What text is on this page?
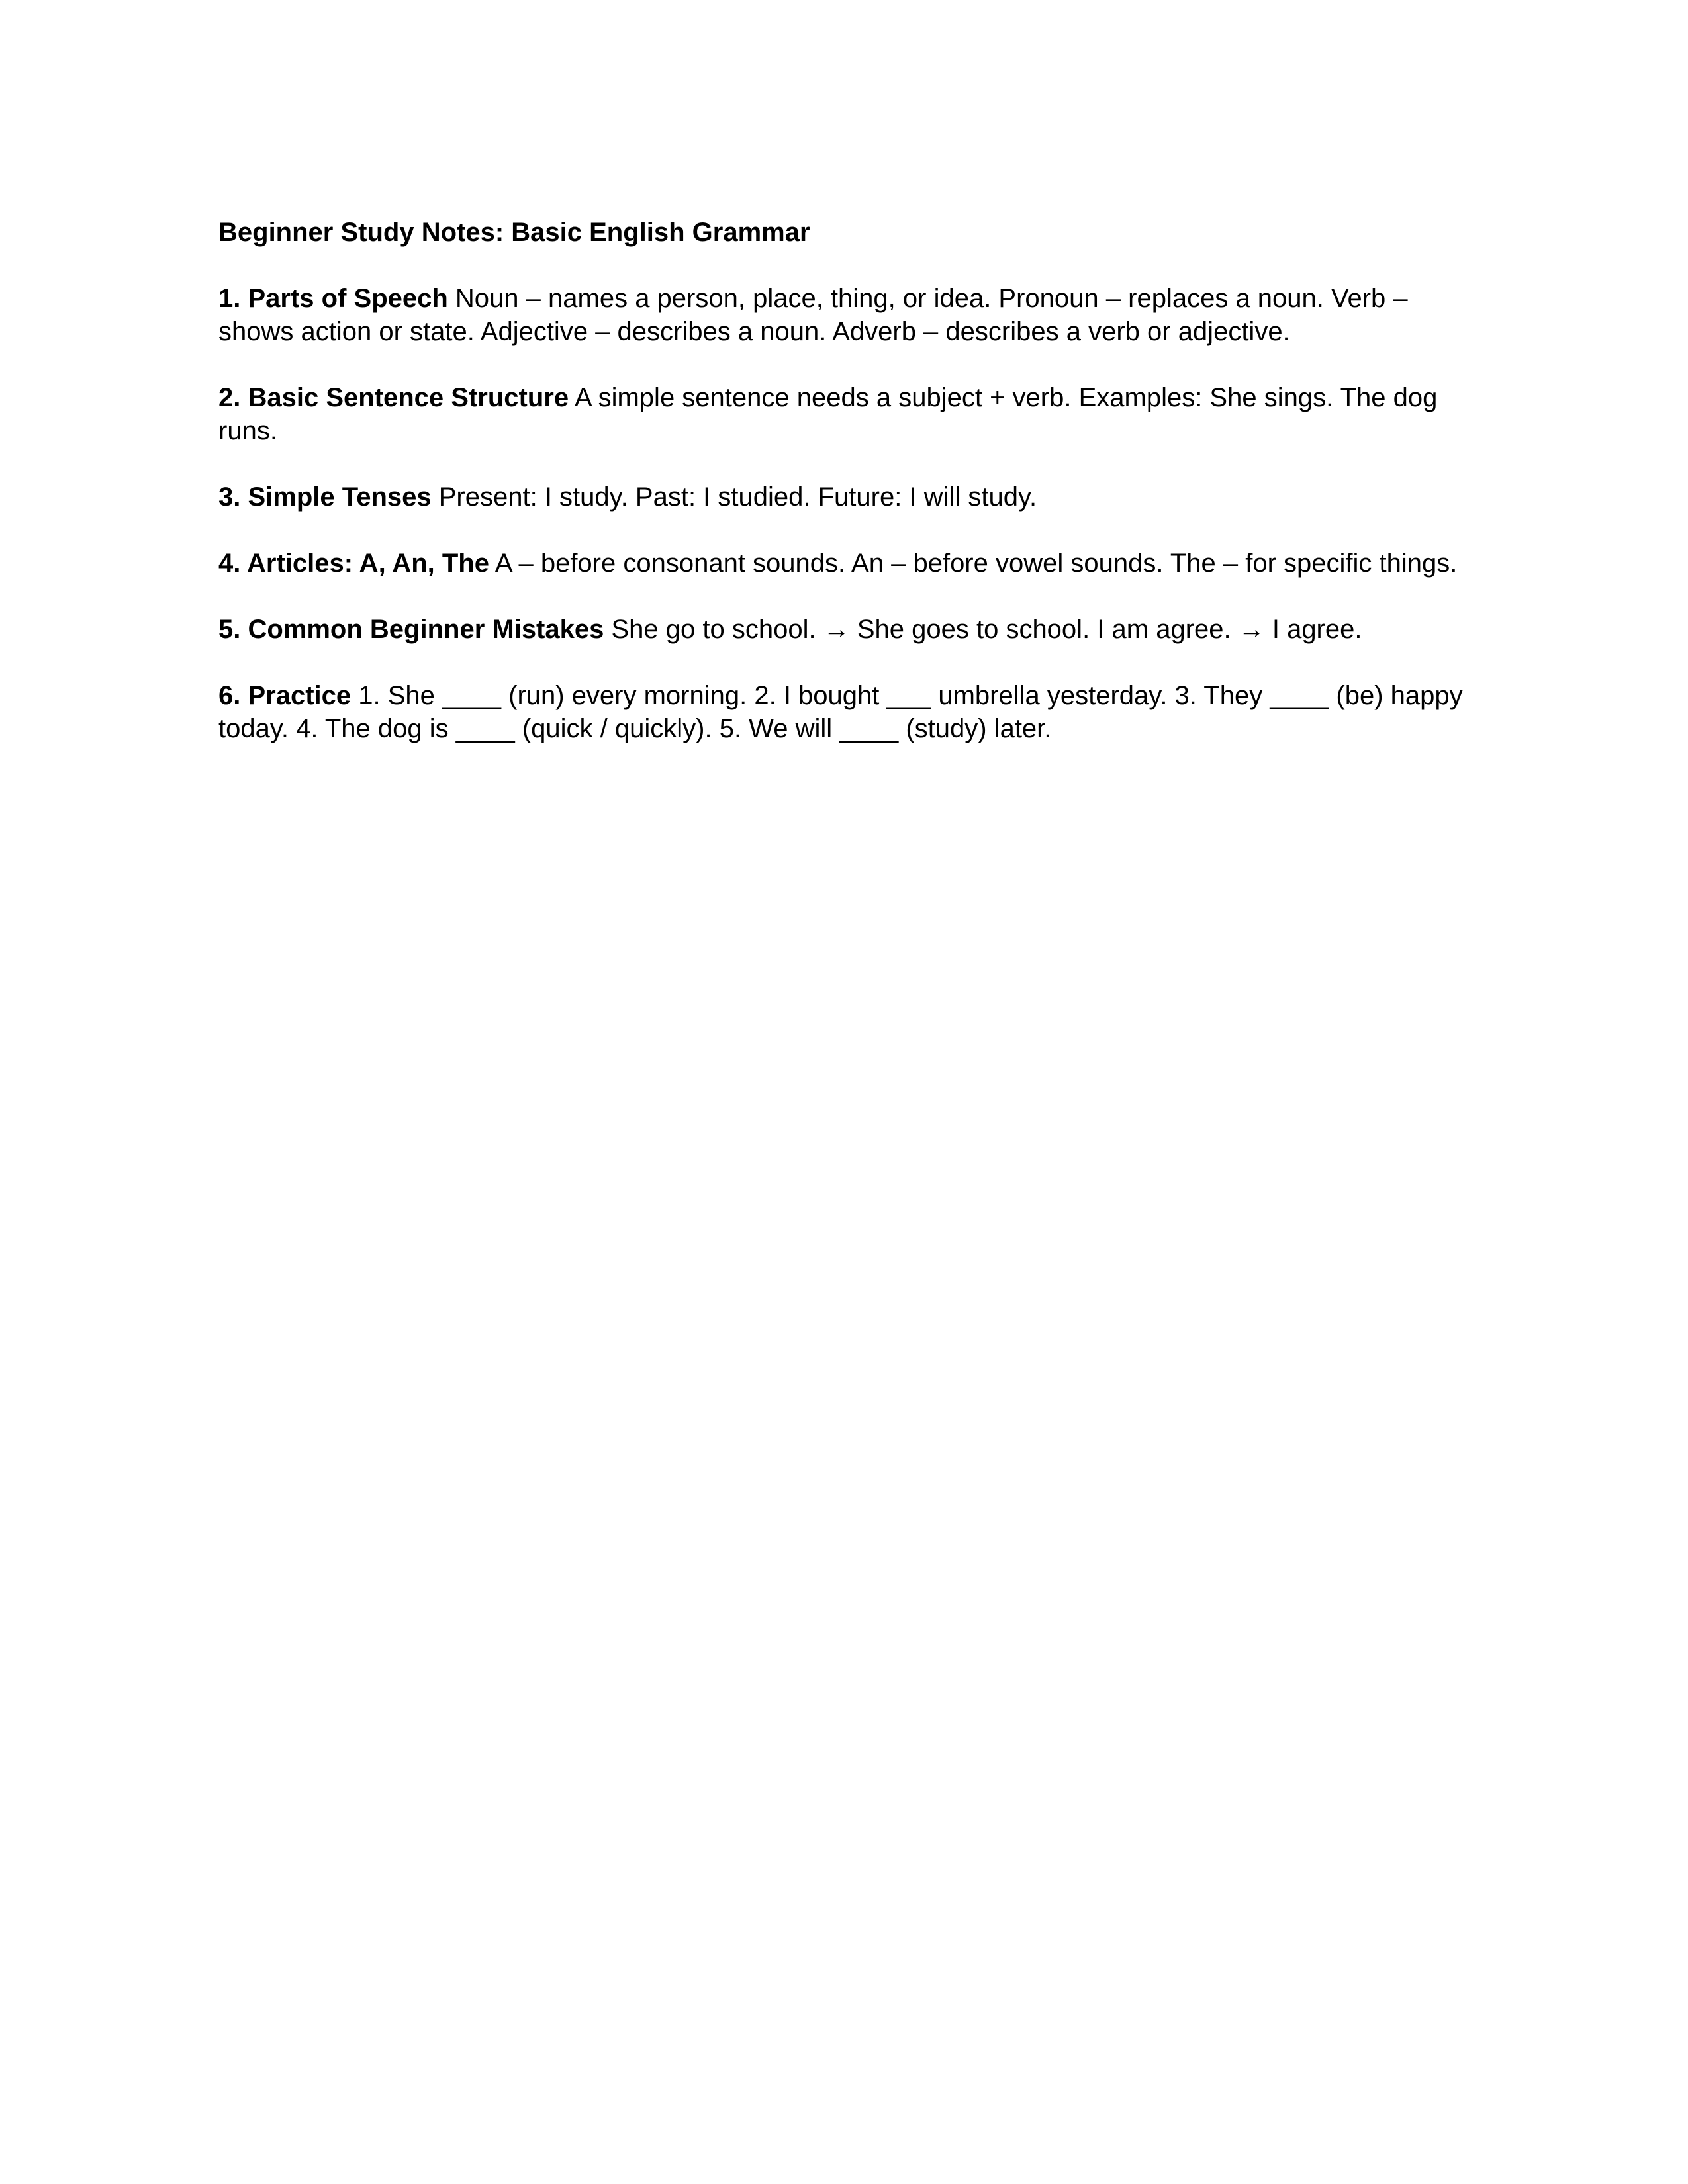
Beginner Study Notes: Basic English Grammar

1. Parts of Speech Noun – names a person, place, thing, or idea. Pronoun – replaces a noun. Verb – shows action or state. Adjective – describes a noun. Adverb – describes a verb or adjective.

2. Basic Sentence Structure A simple sentence needs a subject + verb. Examples: She sings. The dog runs.

3. Simple Tenses Present: I study. Past: I studied. Future: I will study.

4. Articles: A, An, The A – before consonant sounds. An – before vowel sounds. The – for specific things.

5. Common Beginner Mistakes She go to school. → She goes to school. I am agree. → I agree.

6. Practice 1. She ____ (run) every morning. 2. I bought ___ umbrella yesterday. 3. They ____ (be) happy today. 4. The dog is ____ (quick / quickly). 5. We will ____ (study) later.
